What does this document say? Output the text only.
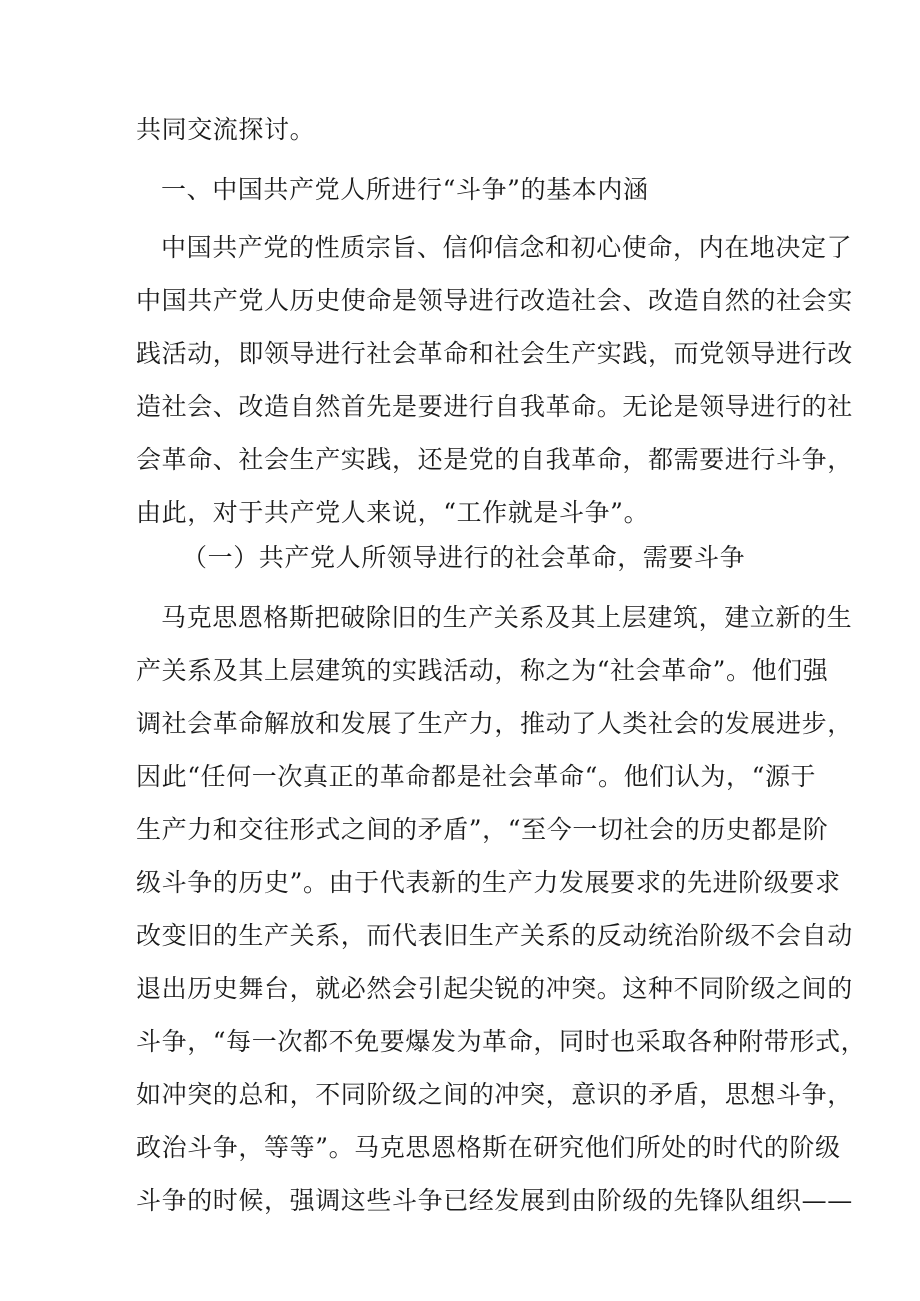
共同交流探讨。
一、中国共产党人所进行“斗争”的基本内涵
中国共产党的性质宗旨、信仰信念和初心使命，内在地决定了
中国共产党人历史使命是领导进行改造社会、改造自然的社会实
践活动，即领导进行社会革命和社会生产实践，而党领导进行改
造社会、改造自然首先是要进行自我革命。无论是领导进行的社
会革命、社会生产实践，还是党的自我革命，都需要进行斗争，
由此，对于共产党人来说，“工作就是斗争”。
（一）共产党人所领导进行的社会革命，需要斗争
马克思恩格斯把破除旧的生产关系及其上层建筑，建立新的生
产关系及其上层建筑的实践活动，称之为“社会革命”。他们强
调社会革命解放和发展了生产力，推动了人类社会的发展进步，
因此“任何一次真正的革命都是社会革命“。他们认为，“源于
生产力和交往形式之间的矛盾”，“至今一切社会的历史都是阶
级斗争的历史”。由于代表新的生产力发展要求的先进阶级要求
改变旧的生产关系，而代表旧生产关系的反动统治阶级不会自动
退出历史舞台，就必然会引起尖锐的冲突。这种不同阶级之间的
斗争，“每一次都不免要爆发为革命，同时也采取各种附带形式，
如冲突的总和，不同阶级之间的冲突，意识的矛盾，思想斗争，
政治斗争，等等”。马克思恩格斯在研究他们所处的时代的阶级
斗争的时候，强调这些斗争已经发展到由阶级的先锋队组织——
